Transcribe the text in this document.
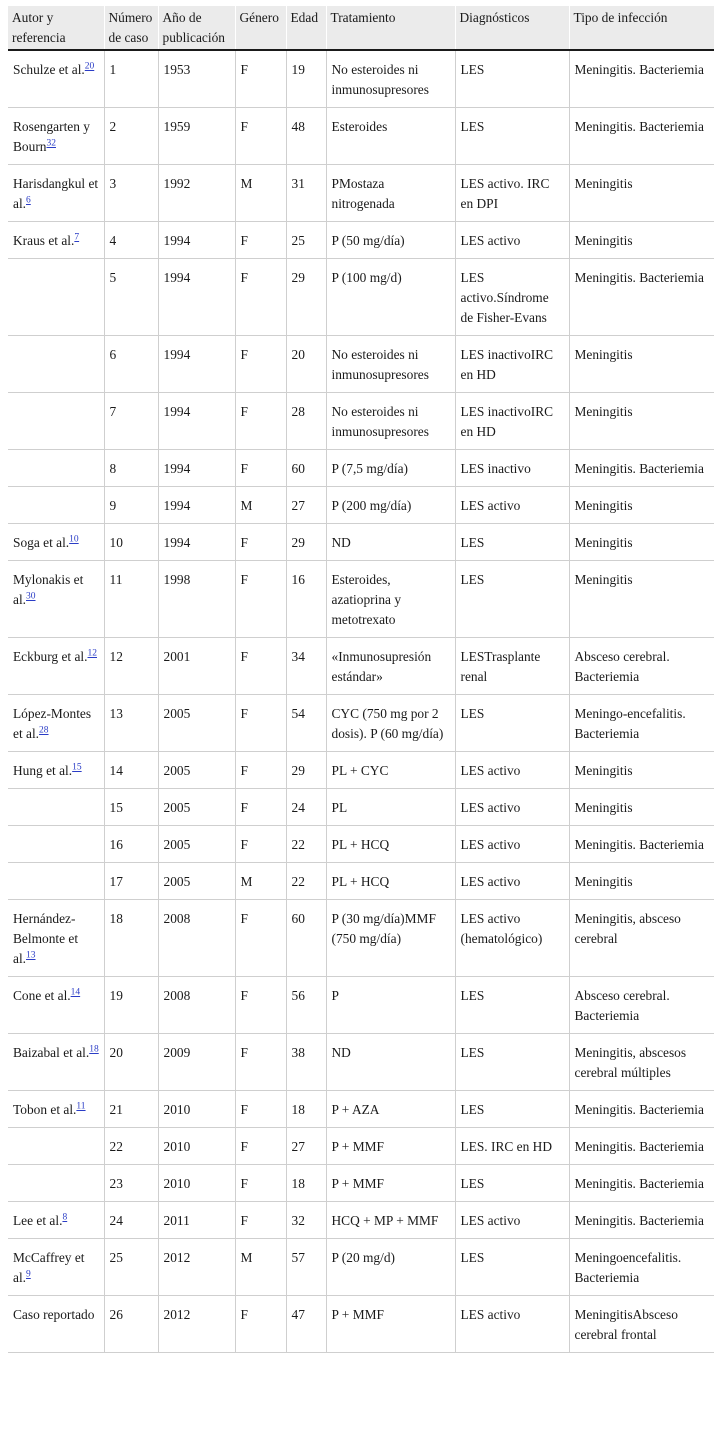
Autor y referencia	Número de caso	Año de publicación	Género	Edad	Tratamiento	Diagnósticos	Tipo de infección
Schulze et al.$^{20}$	1	1953	F	19	No esteroides ni inmunosupresores	LES	Meningitis. Bacteriemia
Rosengarten y Bourn$^{32}$	2	1959	F	48	Esteroides	LES	Meningitis. Bacteriemia
Harisdangkul et al.$^6$	3	1992	M	31	PMostaza nitrogenada	LES activo. IRC en DPI	Meningitis
Kraus et al.$^7$	4	1994	F	25	P (50 mg/día)	LES activo	Meningitis
	5	1994	F	29	P (100 mg/d)	LES activo.Síndrome de Fisher-Evans	Meningitis. Bacteriemia
	6	1994	F	20	No esteroides ni inmunosupresores	LES inactivoIRC en HD	Meningitis
	7	1994	F	28	No esteroides ni inmunosupresores	LES inactivoIRC en HD	Meningitis
	8	1994	F	60	P (7,5 mg/día)	LES inactivo	Meningitis. Bacteriemia
	9	1994	M	27	P (200 mg/día)	LES activo	Meningitis
Soga et al.$^{10}$	10	1994	F	29	ND	LES	Meningitis
Mylonakis et al.$^{30}$	11	1998	F	16	Esteroides, azatioprina y metotrexato	LES	Meningitis
Eckburg et al.$^{12}$	12	2001	F	34	«Inmunosupresión estándar»	LESTrasplante renal	Absceso cerebral. Bacteriemia
López-Montes et al.$^{28}$	13	2005	F	54	CYC (750 mg por 2 dosis). P (60 mg/día)	LES	Meningo-encefalitis. Bacteriemia
Hung et al.$^{15}$	14	2005	F	29	PL + CYC	LES activo	Meningitis
	15	2005	F	24	PL	LES activo	Meningitis
	16	2005	F	22	PL + HCQ	LES activo	Meningitis. Bacteriemia
	17	2005	M	22	PL + HCQ	LES activo	Meningitis
Hernández-Belmonte et al.$^{13}$	18	2008	F	60	P (30 mg/día)MMF (750 mg/día)	LES activo (hematológico)	Meningitis, absceso cerebral
Cone et al.$^{14}$	19	2008	F	56	P	LES	Absceso cerebral. Bacteriemia
Baizabal et al.$^{18}$	20	2009	F	38	ND	LES	Meningitis, abscesos cerebral múltiples
Tobon et al.$^{11}$	21	2010	F	18	P + AZA	LES	Meningitis. Bacteriemia
	22	2010	F	27	P + MMF	LES. IRC en HD	Meningitis. Bacteriemia
	23	2010	F	18	P + MMF	LES	Meningitis. Bacteriemia
Lee et al.$^8$	24	2011	F	32	HCQ + MP + MMF	LES activo	Meningitis. Bacteriemia
McCaffrey et al.$^9$	25	2012	M	57	P (20 mg/d)	LES	Meningoencefalitis. Bacteriemia
Caso reportado	26	2012	F	47	P + MMF	LES activo	MeningitisAbsceso cerebral frontal
